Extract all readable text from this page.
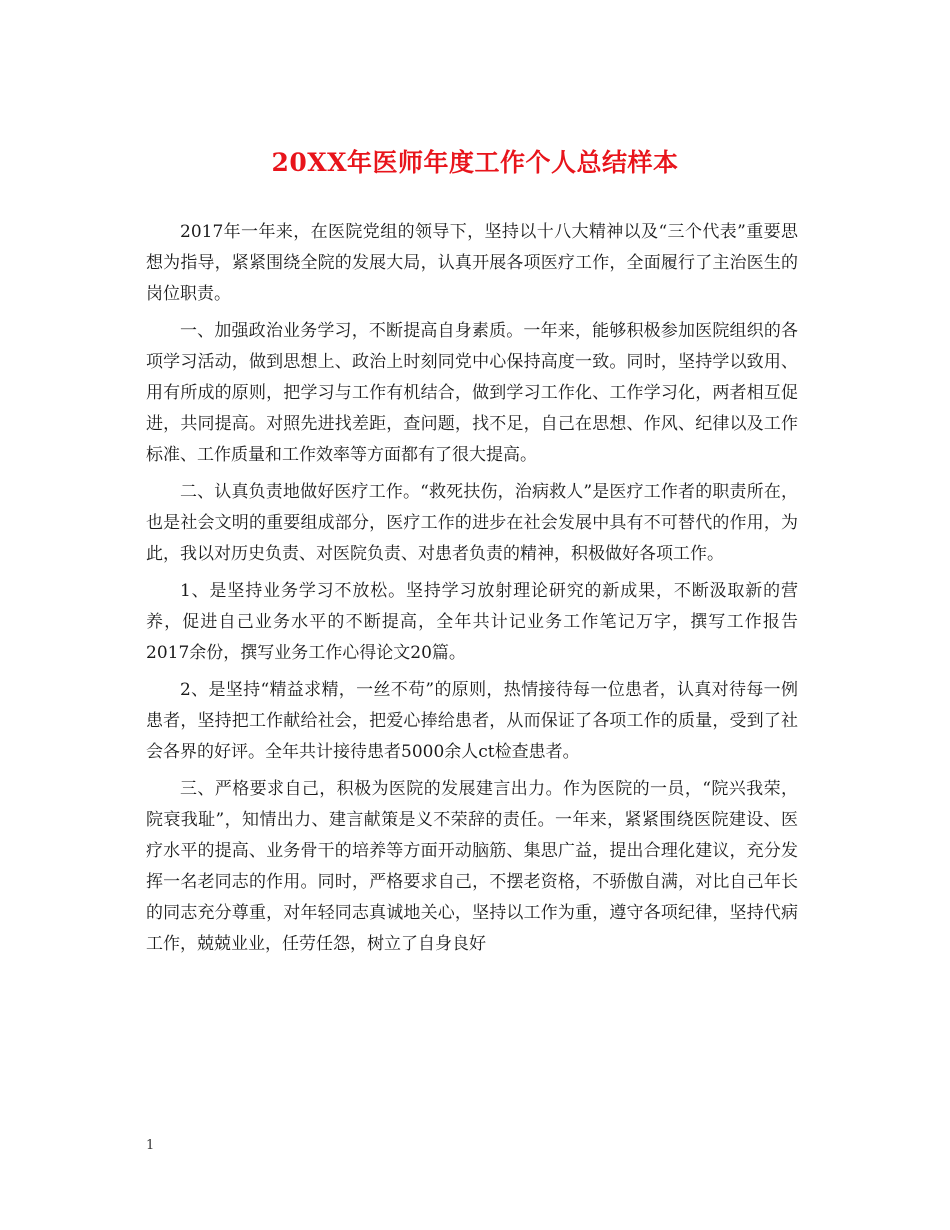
20XX年医师年度工作个人总结样本

2017年一年来，在医院党组的领导下，坚持以十八大精神以及“三个代表”重要思想为指导，紧紧围绕全院的发展大局，认真开展各项医疗工作，全面履行了主治医生的岗位职责。

一、加强政治业务学习，不断提高自身素质。一年来，能够积极参加医院组织的各项学习活动，做到思想上、政治上时刻同党中心保持高度一致。同时，坚持学以致用、用有所成的原则，把学习与工作有机结合，做到学习工作化、工作学习化，两者相互促进，共同提高。对照先进找差距，查问题，找不足，自己在思想、作风、纪律以及工作标准、工作质量和工作效率等方面都有了很大提高。

二、认真负责地做好医疗工作。“救死扶伤，治病救人”是医疗工作者的职责所在，也是社会文明的重要组成部分，医疗工作的进步在社会发展中具有不可替代的作用，为此，我以对历史负责、对医院负责、对患者负责的精神，积极做好各项工作。

1、是坚持业务学习不放松。坚持学习放射理论研究的新成果，不断汲取新的营养，促进自己业务水平的不断提高，全年共计记业务工作笔记万字，撰写工作报告2017余份，撰写业务工作心得论文20篇。

2、是坚持“精益求精，一丝不苟”的原则，热情接待每一位患者，认真对待每一例患者，坚持把工作献给社会，把爱心捧给患者，从而保证了各项工作的质量，受到了社会各界的好评。全年共计接待患者5000余人ct检查患者。

三、严格要求自己，积极为医院的发展建言出力。作为医院的一员，“院兴我荣，院衰我耻”，知情出力、建言献策是义不荣辞的责任。一年来，紧紧围绕医院建设、医疗水平的提高、业务骨干的培养等方面开动脑筋、集思广益，提出合理化建议，充分发挥一名老同志的作用。同时，严格要求自己，不摆老资格，不骄傲自满，对比自己年长的同志充分尊重，对年轻同志真诚地关心，坚持以工作为重，遵守各项纪律，坚持代病工作，兢兢业业，任劳任怨，树立了自身良好

1
